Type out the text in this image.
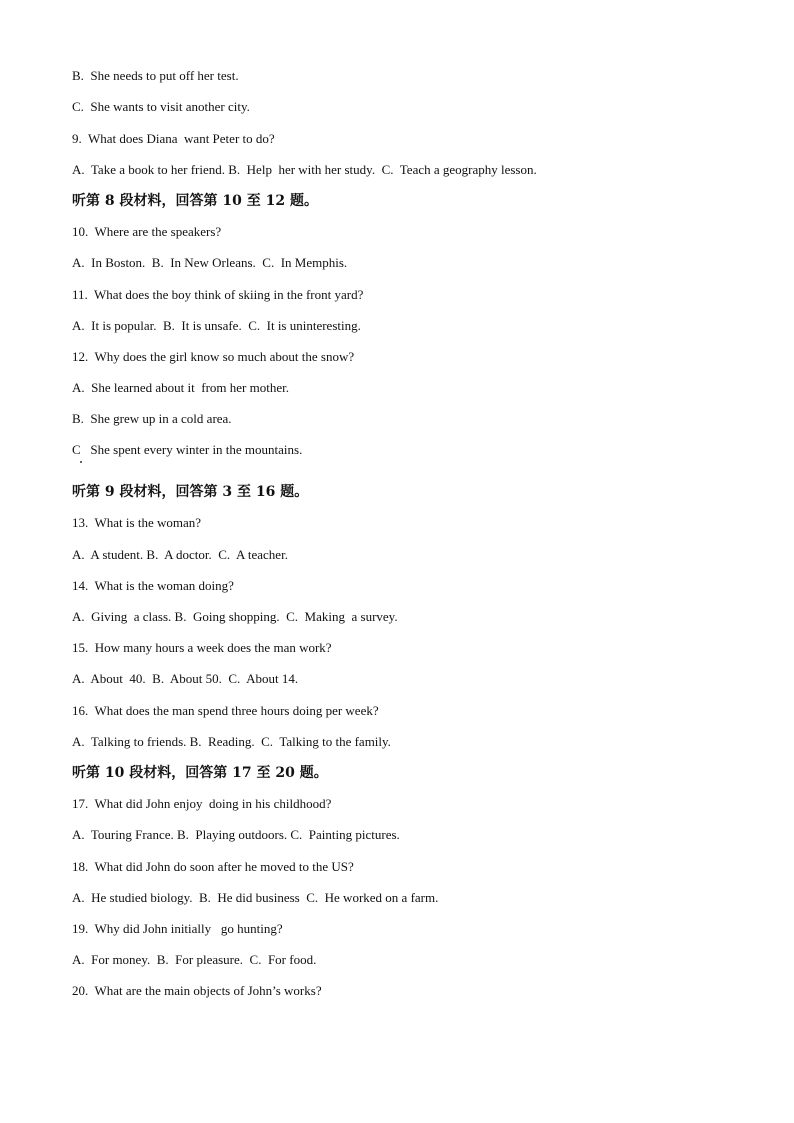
B.  She needs to put off her test.
C.  She wants to visit another city.
9.  What does Diana  want Peter to do?
A.  Take a book to her friend. B.  Help  her with her study.  C.  Teach a geography lesson.
听第 8 段材料，回答第 10 至 12 题。
10.  Where are the speakers?
A.  In Boston.  B.  In New Orleans.  C.  In Memphis.
11.  What does the boy think of skiing in the front yard?
A.  It is popular.  B.  It is unsafe.  C.  It is uninteresting.
12.  Why does the girl know so much about the snow?
A.  She learned about it  from her mother.
B.  She grew up in a cold area.
C   She spent every winter in the mountains.
听第 9 段材料，回答第 3 至 16 题。
13.  What is the woman?
A.  A student. B.  A doctor.  C.  A teacher.
14.  What is the woman doing?
A.  Giving  a class. B.  Going shopping.  C.  Making  a survey.
15.  How many hours a week does the man work?
A.  About  40.  B.  About 50.  C.  About 14.
16.  What does the man spend three hours doing per week?
A.  Talking to friends. B.  Reading.  C.  Talking to the family.
听第 10 段材料，回答第 17 至 20 题。
17.  What did John enjoy  doing in his childhood?
A.  Touring France. B.  Playing outdoors. C.  Painting pictures.
18.  What did John do soon after he moved to the US?
A.  He studied biology.  B.  He did business  C.  He worked on a farm.
19.  Why did John initially   go hunting?
A.  For money.  B.  For pleasure.  C.  For food.
20.  What are the main objects of John’s works?
